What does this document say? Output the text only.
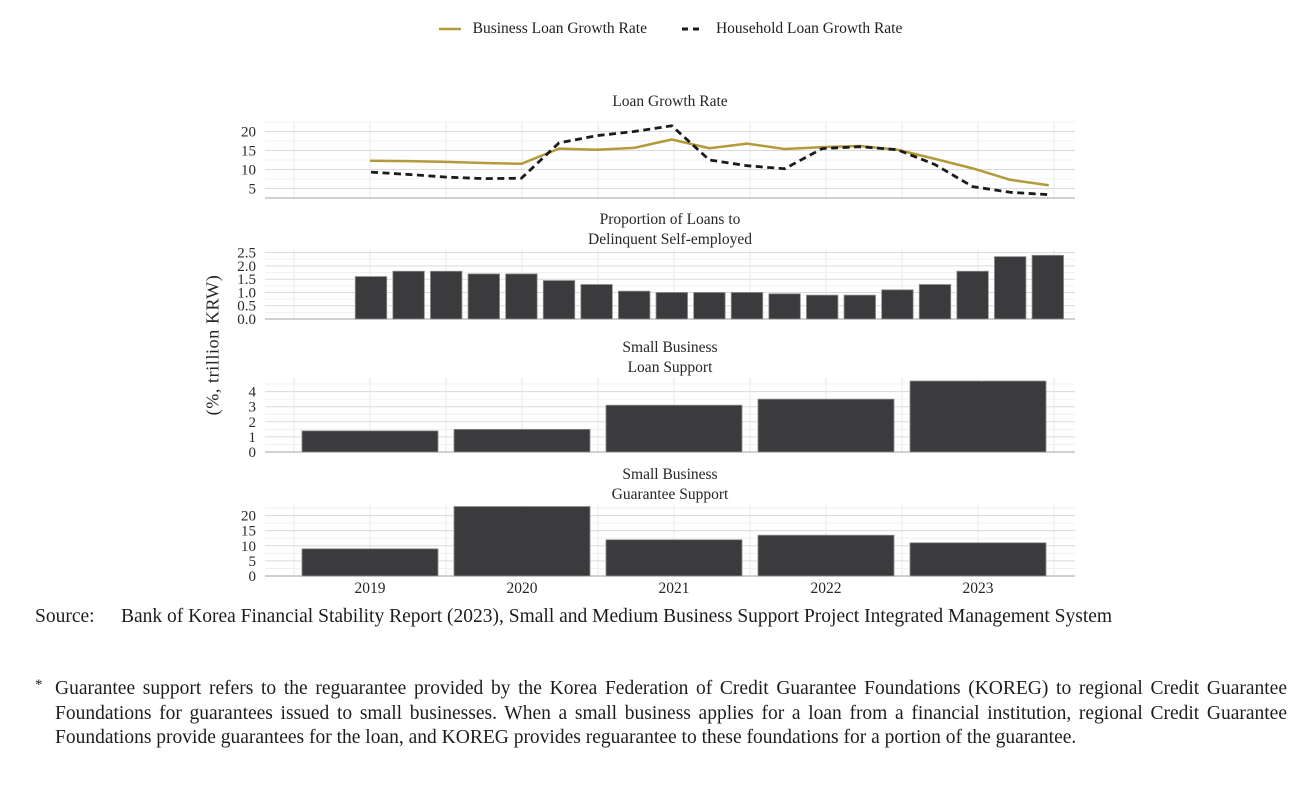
Business Loan Growth Rate	Household Loan Growth Rate
(%, trillion KRW)
Loan Growth Rate
5
10
15
20
Proportion of Loans to
Delinquent Self-employed
0.0
0.5
1.0
1.5
2.0
2.5
Small Business
Loan Support
0
1
2
3
4
Small Business
Guarantee Support
0
5
10
15
20
2019	2020	2021	2022	2023
Source:	Bank of Korea Financial Stability Report (2023), Small and Medium Business Support Project Integrated Management System

* Guarantee support refers to the reguarantee provided by the Korea Federation of Credit Guarantee Foundations (KOREG) to regional Credit Guarantee Foundations for guarantees issued to small businesses. When a small business applies for a loan from a financial institution, regional Credit Guarantee Foundations provide guarantees for the loan, and KOREG provides reguarantee to these foundations for a portion of the guarantee.
